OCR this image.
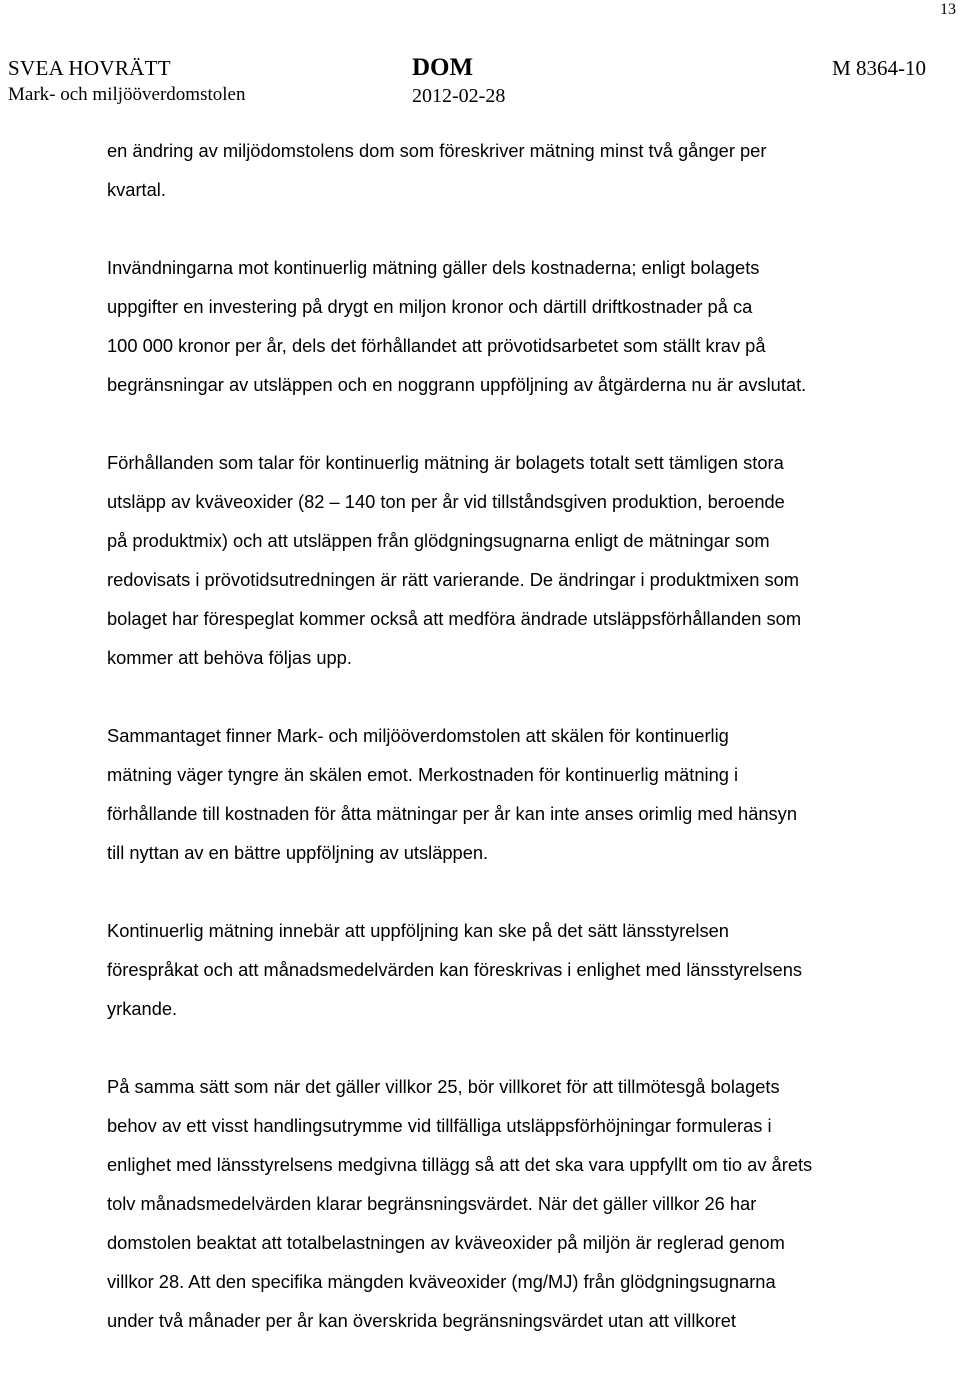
13
SVEA HOVRÄTT
Mark- och miljööverdomstolen
DOM
2012-02-28
M 8364-10

en ändring av miljödomstolens dom som föreskriver mätning minst två gånger per
kvartal.

Invändningarna mot kontinuerlig mätning gäller dels kostnaderna; enligt bolagets
uppgifter en investering på drygt en miljon kronor och därtill driftkostnader på ca
100 000 kronor per år, dels det förhållandet att prövotidsarbetet som ställt krav på
begränsningar av utsläppen och en noggrann uppföljning av åtgärderna nu är avslutat.

Förhållanden som talar för kontinuerlig mätning är bolagets totalt sett tämligen stora
utsläpp av kväveoxider (82 – 140 ton per år vid tillståndsgiven produktion, beroende
på produktmix) och att utsläppen från glödgningsugnarna enligt de mätningar som
redovisats i prövotidsutredningen är rätt varierande. De ändringar i produktmixen som
bolaget har förespeglat kommer också att medföra ändrade utsläppsförhållanden som
kommer att behöva följas upp.

Sammantaget finner Mark- och miljööverdomstolen att skälen för kontinuerlig
mätning väger tyngre än skälen emot. Merkostnaden för kontinuerlig mätning i
förhållande till kostnaden för åtta mätningar per år kan inte anses orimlig med hänsyn
till nyttan av en bättre uppföljning av utsläppen.

Kontinuerlig mätning innebär att uppföljning kan ske på det sätt länsstyrelsen
förespråkat och att månadsmedelvärden kan föreskrivas i enlighet med länsstyrelsens
yrkande.

På samma sätt som när det gäller villkor 25, bör villkoret för att tillmötesgå bolagets
behov av ett visst handlingsutrymme vid tillfälliga utsläppsförhöjningar formuleras i
enlighet med länsstyrelsens medgivna tillägg så att det ska vara uppfyllt om tio av årets
tolv månadsmedelvärden klarar begränsningsvärdet. När det gäller villkor 26 har
domstolen beaktat att totalbelastningen av kväveoxider på miljön är reglerad genom
villkor 28. Att den specifika mängden kväveoxider (mg/MJ) från glödgningsugnarna
under två månader per år kan överskrida begränsningsvärdet utan att villkoret
